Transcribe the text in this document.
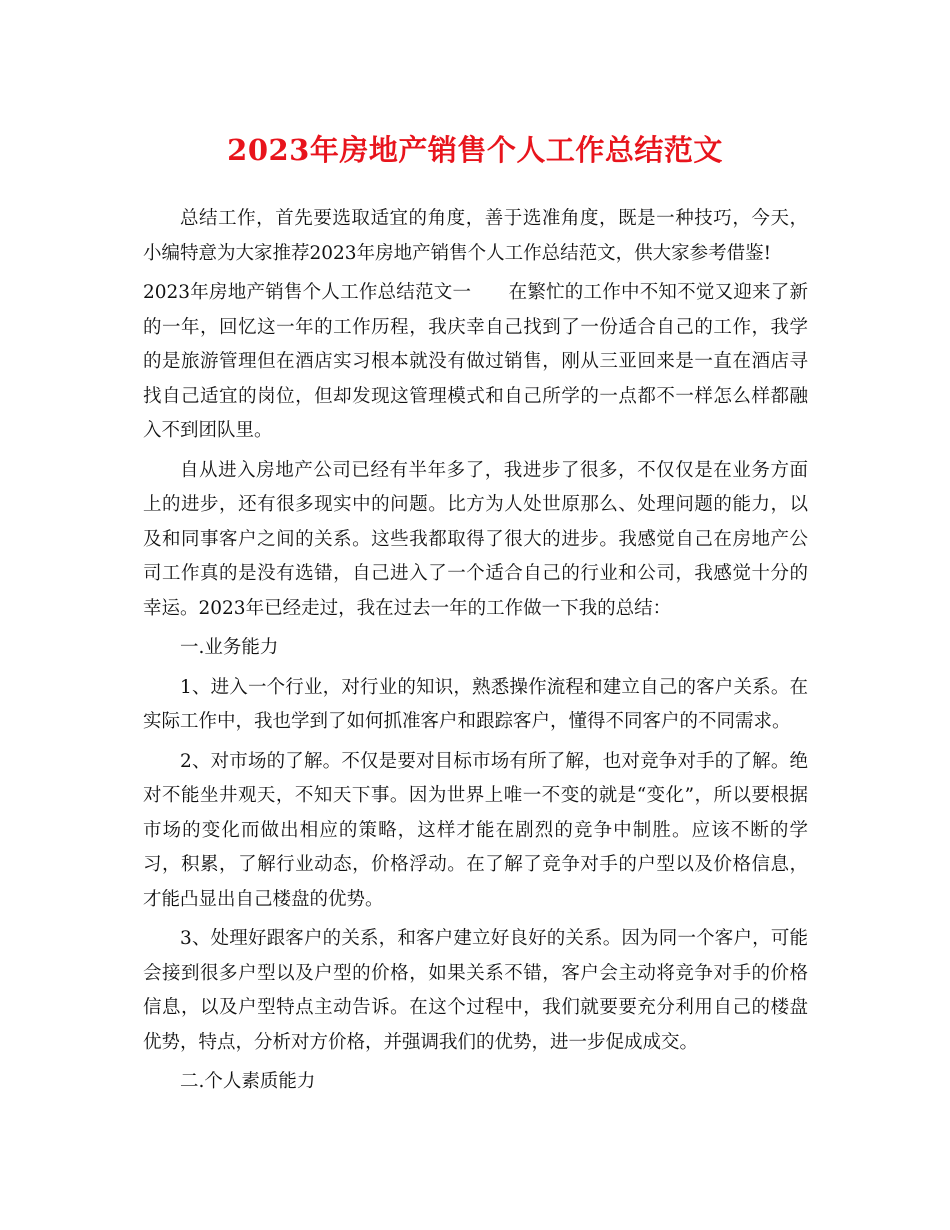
2023年房地产销售个人工作总结范文

总结工作，首先要选取适宜的角度，善于选准角度，既是一种技巧，今天，小编特意为大家推荐2023年房地产销售个人工作总结范文，供大家参考借鉴!

2023年房地产销售个人工作总结范文一　　在繁忙的工作中不知不觉又迎来了新的一年，回忆这一年的工作历程，我庆幸自己找到了一份适合自己的工作，我学的是旅游管理但在酒店实习根本就没有做过销售，刚从三亚回来是一直在酒店寻找自己适宜的岗位，但却发现这管理模式和自己所学的一点都不一样怎么样都融入不到团队里。

自从进入房地产公司已经有半年多了，我进步了很多，不仅仅是在业务方面上的进步，还有很多现实中的问题。比方为人处世原那么、处理问题的能力，以及和同事客户之间的关系。这些我都取得了很大的进步。我感觉自己在房地产公司工作真的是没有选错，自己进入了一个适合自己的行业和公司，我感觉十分的幸运。2023年已经走过，我在过去一年的工作做一下我的总结：

一.业务能力

1、进入一个行业，对行业的知识，熟悉操作流程和建立自己的客户关系。在实际工作中，我也学到了如何抓准客户和跟踪客户，懂得不同客户的不同需求。

2、对市场的了解。不仅是要对目标市场有所了解，也对竞争对手的了解。绝对不能坐井观天，不知天下事。因为世界上唯一不变的就是“变化”，所以要根据市场的变化而做出相应的策略，这样才能在剧烈的竞争中制胜。应该不断的学习，积累，了解行业动态，价格浮动。在了解了竞争对手的户型以及价格信息，才能凸显出自己楼盘的优势。

3、处理好跟客户的关系，和客户建立好良好的关系。因为同一个客户，可能会接到很多户型以及户型的价格，如果关系不错，客户会主动将竞争对手的价格信息，以及户型特点主动告诉。在这个过程中，我们就要要充分利用自己的楼盘优势，特点，分析对方价格，并强调我们的优势，进一步促成成交。

二.个人素质能力
